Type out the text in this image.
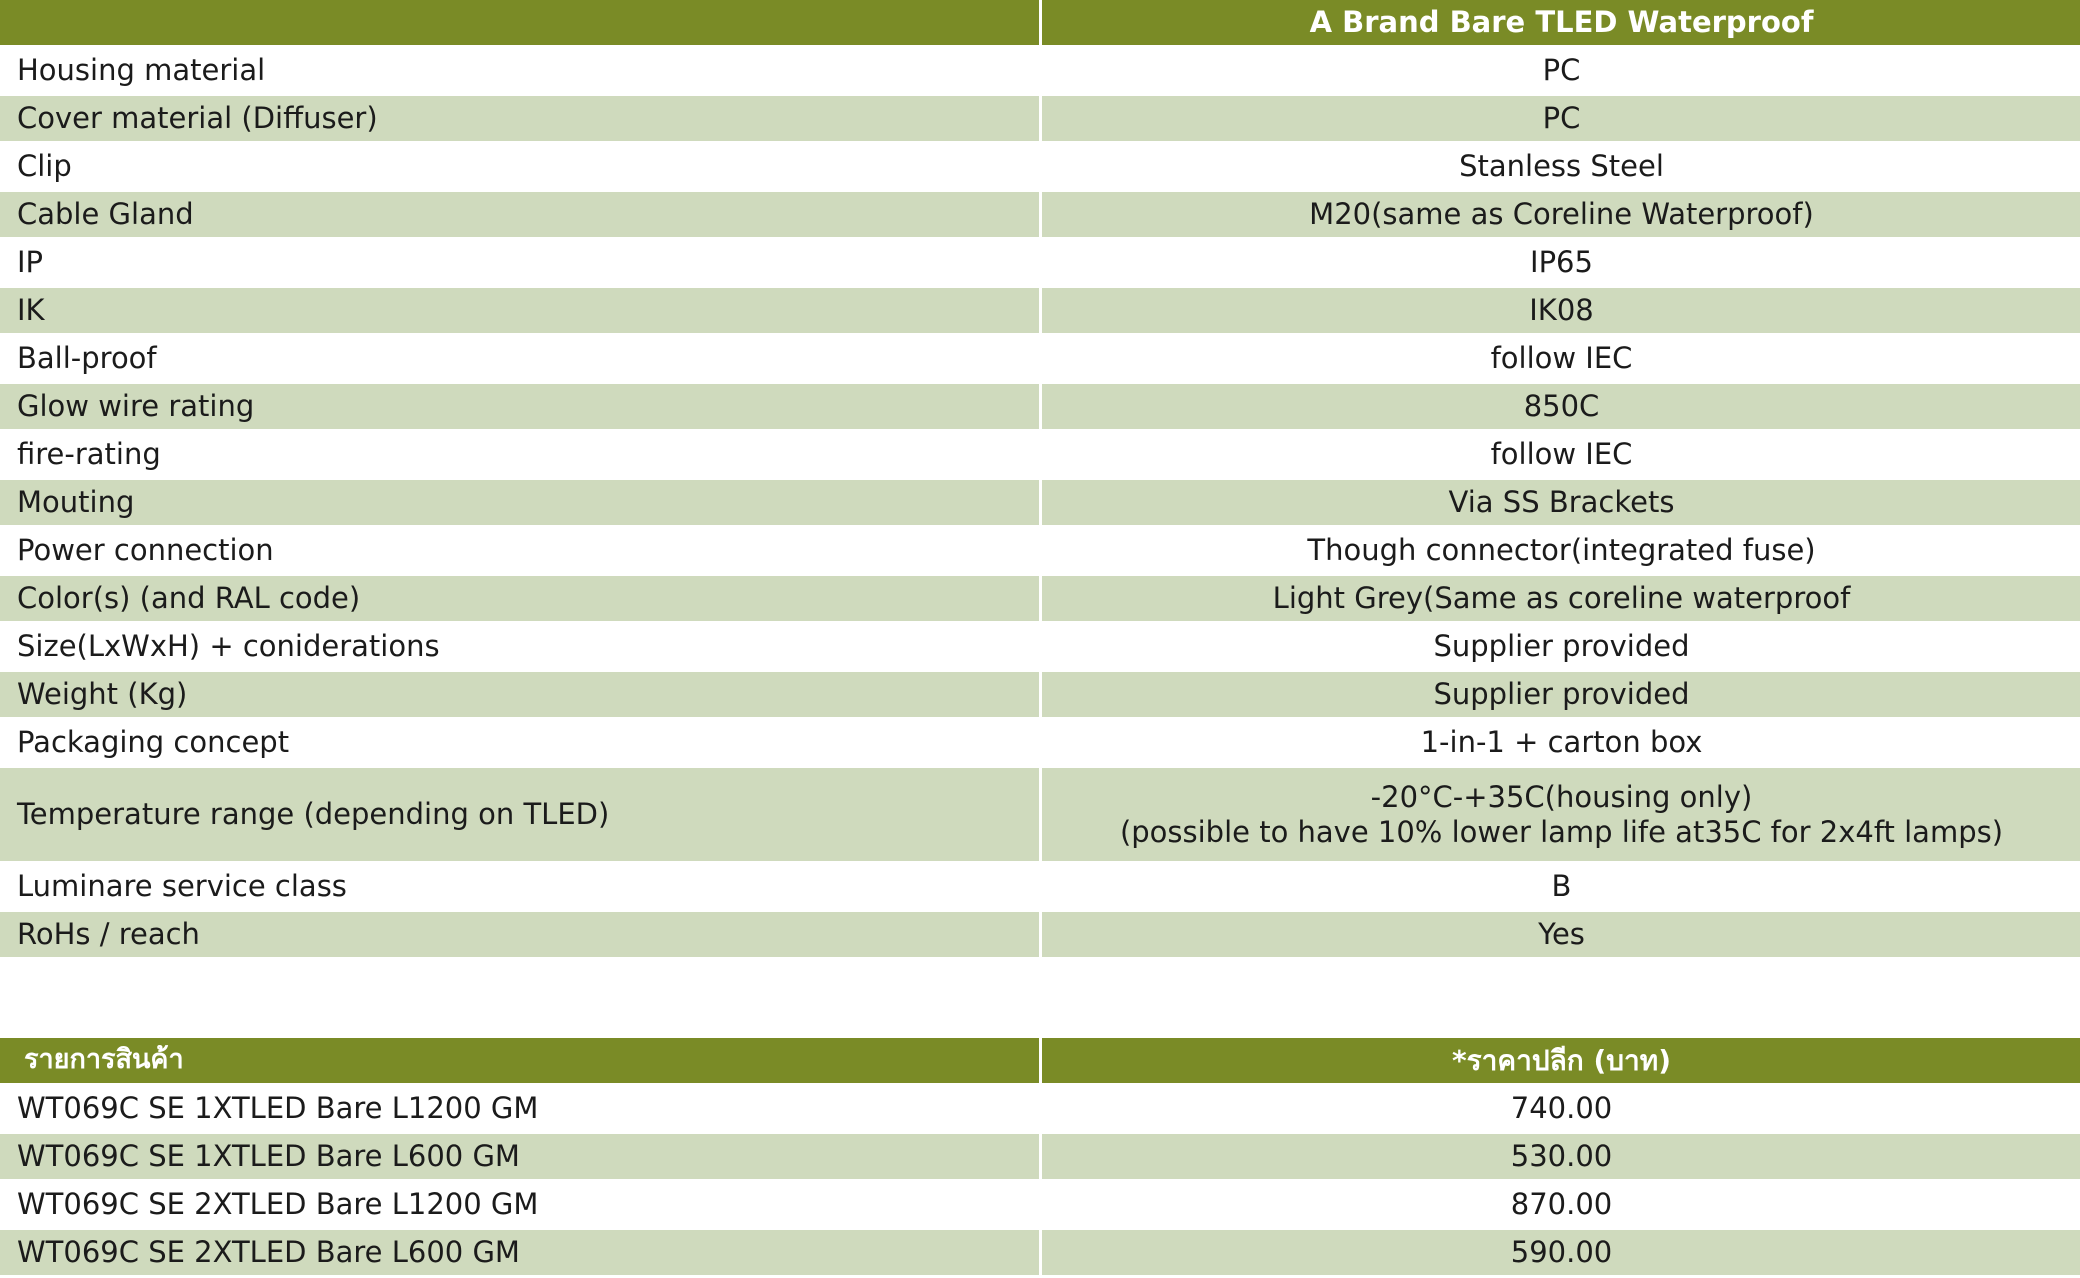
	A Brand Bare TLED Waterproof
Housing material	PC
Cover material (Diffuser)	PC
Clip	Stanless Steel
Cable Gland	M20(same as Coreline Waterproof)
IP	IP65
IK	IK08
Ball-proof	follow IEC
Glow wire rating	850C
fire-rating	follow IEC
Mouting	Via SS Brackets
Power connection	Though connector(integrated fuse)
Color(s) (and RAL code)	Light Grey(Same as coreline waterproof
Size(LxWxH) + coniderations	Supplier provided
Weight (Kg)	Supplier provided
Packaging concept	1-in-1 + carton box
Temperature range (depending on TLED)	-20°C-+35C(housing only)
(possible to have 10% lower lamp life at35C for 2x4ft lamps)

Luminare service class	B
RoHs / reach	Yes
รายการสินค้า	*ราคาปลีก (บาท)
WT069C SE 1XTLED Bare L1200 GM	740.00
WT069C SE 1XTLED Bare L600 GM	530.00
WT069C SE 2XTLED Bare L1200 GM	870.00
WT069C SE 2XTLED Bare L600 GM	590.00
